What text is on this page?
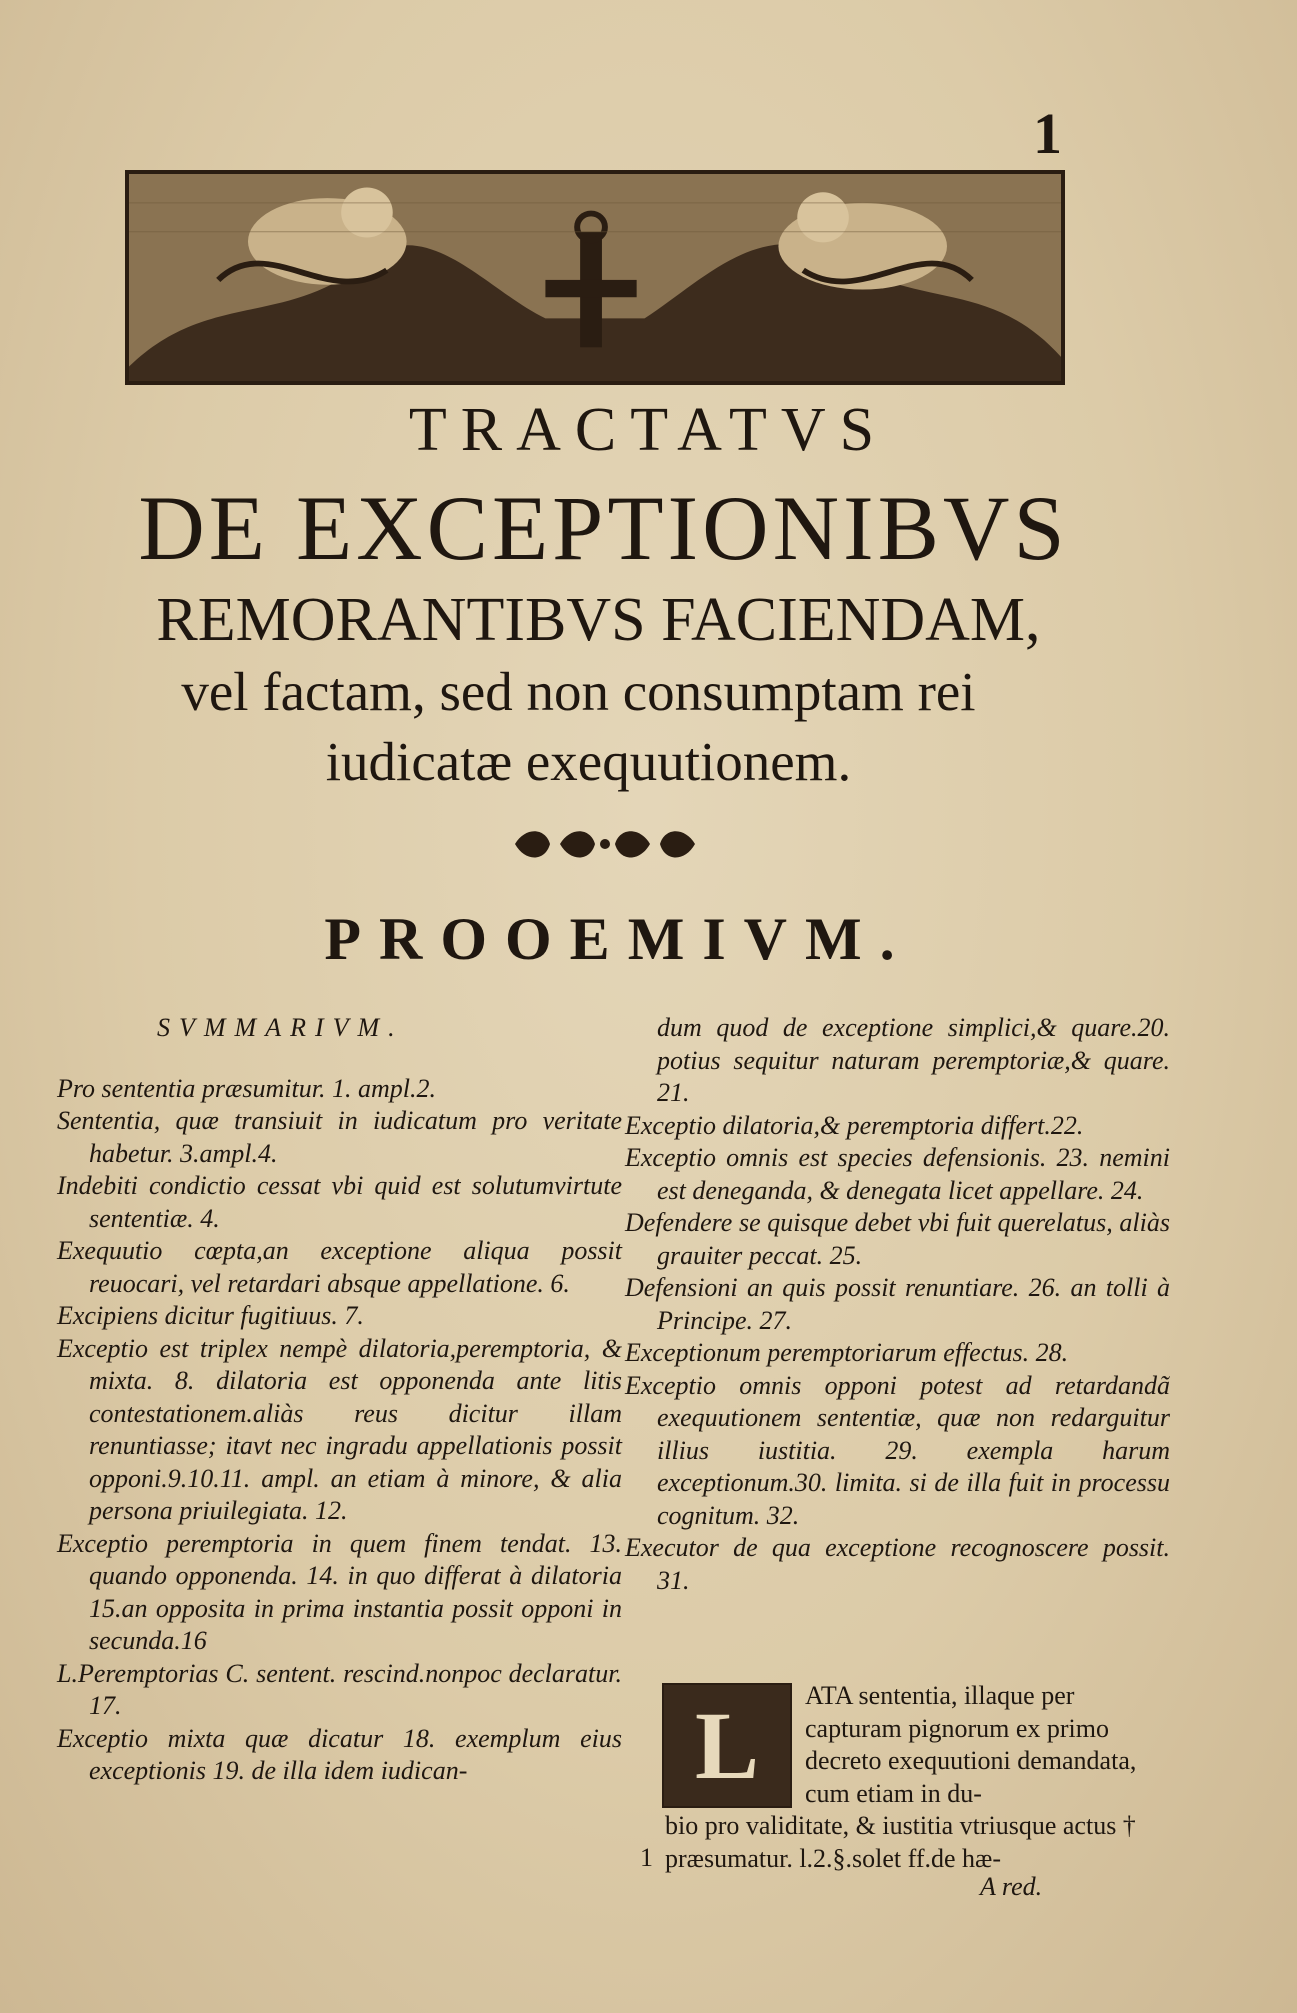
1
TRACTATVS
DE EXCEPTIONIBVS
REMORANTIBVS FACIENDAM,
vel factam, sed non consumptam rei
iudicatæ exequutionem.
PROOEMIVM.
SVMMARIVM.
Pro sententia præsumitur. 1. ampl.2.
Sententia, quæ transiuit in iudicatum pro veritate habetur. 3.ampl.4.
Indebiti condictio cessat vbi quid est solutumvirtute sententiæ. 4.
Exequutio cœpta,an exceptione aliqua possit reuocari, vel retardari absque appellatione. 6.
Excipiens dicitur fugitiuus. 7.
Exceptio est triplex nempè dilatoria,peremptoria, & mixta. 8. dilatoria est opponenda ante litis contestationem.aliàs reus dicitur illam renuntiasse; itavt nec ingradu appellationis possit opponi.9.10.11. ampl. an etiam à minore, & alia persona priuilegiata. 12.
Exceptio peremptoria in quem finem tendat. 13. quando opponenda. 14. in quo differat à dilatoria 15.an opposita in prima instantia possit opponi in secunda.16
L.Peremptorias C. sentent. rescind.nonpoc declaratur. 17.
Exceptio mixta quæ dicatur 18. exemplum eius exceptionis 19. de illa idem iudican-
dum quod de exceptione simplici,& quare.20. potius sequitur naturam peremptoriæ,& quare. 21.
Exceptio dilatoria,& peremptoria differt.22.
Exceptio omnis est species defensionis. 23. nemini est deneganda, & denegata licet appellare. 24.
Defendere se quisque debet vbi fuit querelatus, aliàs grauiter peccat. 25.
Defensioni an quis possit renuntiare. 26. an tolli à Principe. 27.
Exceptionum peremptoriarum effectus. 28.
Exceptio omnis opponi potest ad retardandã exequutionem sententiæ, quæ non redarguitur illius iustitia. 29. exempla harum exceptionum.30. limita. si de illa fuit in processu cognitum. 32.
Executor de qua exceptione recognoscere possit. 31.
L	ATA sententia, illaque per capturam pignorum ex primo decreto exequutioni demandata, cum etiam in du-
bio pro validitate, & iustitia vtriusque actus † præsumatur. l.2.§.solet ff.de hæ-
1
A red.
